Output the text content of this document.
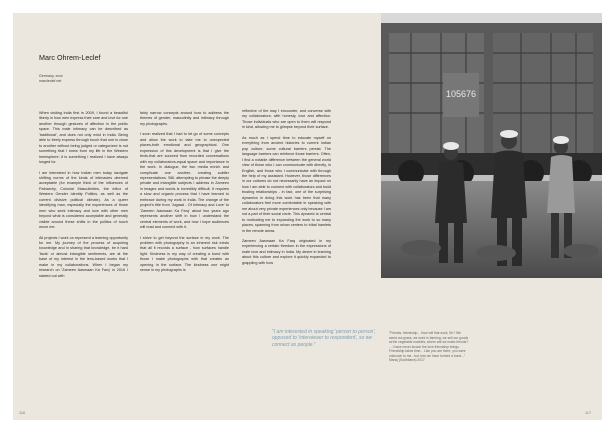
Marc Ohrem-Leclef
Germany, xxxx
marcleclef.net

When visiting India first in 2009, I found a beautiful liberty in how men express their care and love for one another through gestures of affection in the public space. This male intimacy can be described as 'traditional', and does not only exist in India. Being able to freely express through touch that one is close to another without being judged or categorized is not something that I knew from my life in the Western hemisphere; it is something I realized I have always longed for.

I am interested in how Indian men today navigate shifting norms of the kinds of intimacies deemed acceptable (for example think of the influences of Patriarchy, Colonial Masculinities, the influx of Western Gender Identity Politics, as well as the current divisive political climate). As a queer identifying man, especially the experiences of those men who seek intimacy and love with other men beyond what is considered acceptable and generally visible around these shifts in the politics of touch move me.

All projects I work on represent a learning opportunity for me. My journey of the process of acquiring knowledge and in sharing that knowledge, be it hard 'facts' or almost intangible sentiments, are at the base of my interest in the lens-based works that I make in my collaborations. When I began my research on 'Zameen Aasmaan Ka Farq' in 2016 I started out with

fairly narrow concepts around how to address the themes of gender, masculinity and intimacy through my photographs.

I soon realized that I had to let go of some concepts and allow the work to take me to unexpected places,both emotional and geographical. One expression of this development is that I give the texts-that are sourced from recorded conversations with my collaborators-equal space and importance in the work. In dialogue, the two media enrich and complicate one another, creating subtler representations. Still, attempting to phrase the deeply private and intangible subjects I address in Zameen in images and words is incredibly difficult. It requires a slow and organic process that I have learned to embrace during my work in India. The change of the project's title from 'Jugaad - Of Intimacy and Love' to 'Zameen Aasmaan Ka Farq' about two years ago represents another shift in how I understand the central elements of work, and how I hope audiences will read and connect with it.

I strive to get beyond the surface in my work. The problem with photography is an inherent risk exists that all it records a surface - how surfaces handle light. Kindness is my way of creating a bond with those I make photographs with that creates an opening in the surface. The kindness one might sense in my photographs is

reflective of the way I encounter, and converse with my collaborators: with honesty, love and affection. Those individuals who are open to them will respond in kind, allowing me to glimpse beyond their surface.

As much as I spend time to educate myself on everything from ancient histories to current Indian pop culture, some cultural barriers persist. The language barriers can reinforce those barriers. Often, I find a notable difference between the general world view of those who I can communicate with directly, in English, and those who I communicate with through the help of my assistant. However, those differences in our cultures do not necessarily have an impact on how I am able to connect with collaborators and build trusting relationships - in fact, one of the surprising dynamics in doing this work has been that many collaborators feel more comfortable in speaking with me about very private experiences only because I am not a part of their social circle. This dynamic is central to motivating me to expanding the work to so many places, spanning from urban centers to tribal hamlets in the remote areas.

Zameen Aasmaan Ka Farq originated in my experiencing a certain freedom in the expressions of male love and intimacy in India. My desire in learning about this culture and explore it quickly expanded to grappling with how

"I am interested in speaking 'person to person', opposed to 'interviewer to respondent', so we connect as people."
116
105676
"Friends, friendship... How will that work, Sir? We weed out grass, we work in farming, we sell our goods at the vegetable markets, where will we make friends? ... I have never known the love friendship brings. Friendship takes time... Like you are there, you were unknown to me - but now we have formed a bond..." Manoj (Sodhbarra) 2017
117
